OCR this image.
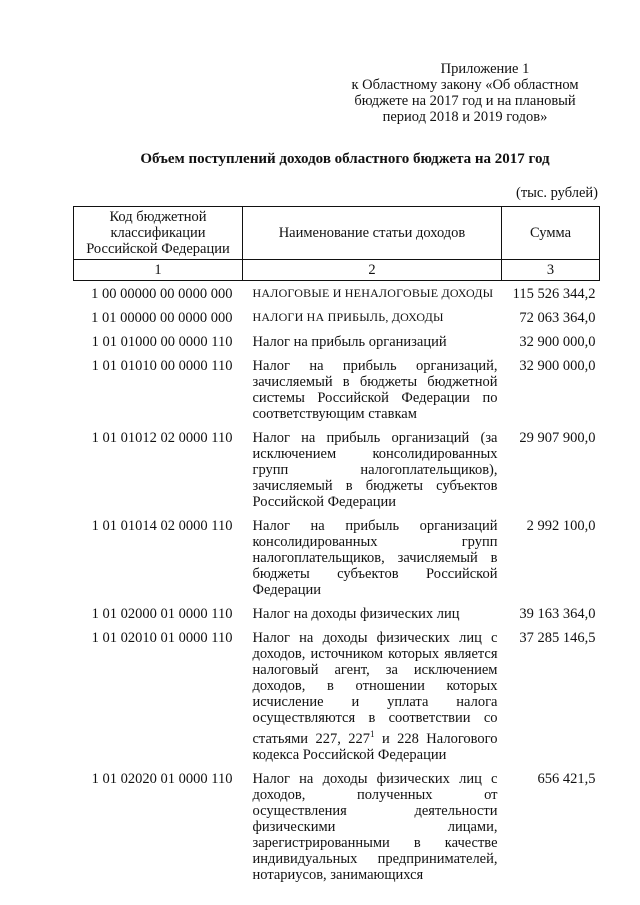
Приложение 1
к Областному закону «Об областном
бюджете на 2017 год и на плановый
период 2018 и 2019 годов»
Объем поступлений доходов областного бюджета на 2017 год
(тыс. рублей)
Код бюджетной классификации Российской Федерации	Наименование статьи доходов	Сумма
1	2	3
1 00 00000 00 0000 000	НАЛОГОВЫЕ И НЕНАЛОГОВЫЕ ДОХОДЫ	115 526 344,2
1 01 00000 00 0000 000	НАЛОГИ НА ПРИБЫЛЬ, ДОХОДЫ	72 063 364,0
1 01 01000 00 0000 110	Налог на прибыль организаций	32 900 000,0
1 01 01010 00 0000 110	Налог на прибыль организаций, зачисляемый в бюджеты бюджетной системы Российской Федерации по соответствующим ставкам	32 900 000,0
1 01 01012 02 0000 110	Налог на прибыль организаций (за исключением консолидированных групп налогоплательщиков), зачисляемый в бюджеты субъектов Российской Федерации	29 907 900,0
1 01 01014 02 0000 110	Налог на прибыль организаций консолидированных групп налогоплательщиков, зачисляемый в бюджеты субъектов Российской Федерации	2 992 100,0
1 01 02000 01 0000 110	Налог на доходы физических лиц	39 163 364,0
1 01 02010 01 0000 110	Налог на доходы физических лиц с доходов, источником которых является налоговый агент, за исключением доходов, в отношении которых исчисление и уплата налога осуществляются в соответствии со статьями 227, $227^1$ и 228 Налогового кодекса Российской Федерации	37 285 146,5
1 01 02020 01 0000 110	Налог на доходы физических лиц с доходов, полученных от осуществления деятельности физическими лицами, зарегистрированными в качестве индивидуальных предпринимателей, нотариусов, занимающихся	656 421,5
